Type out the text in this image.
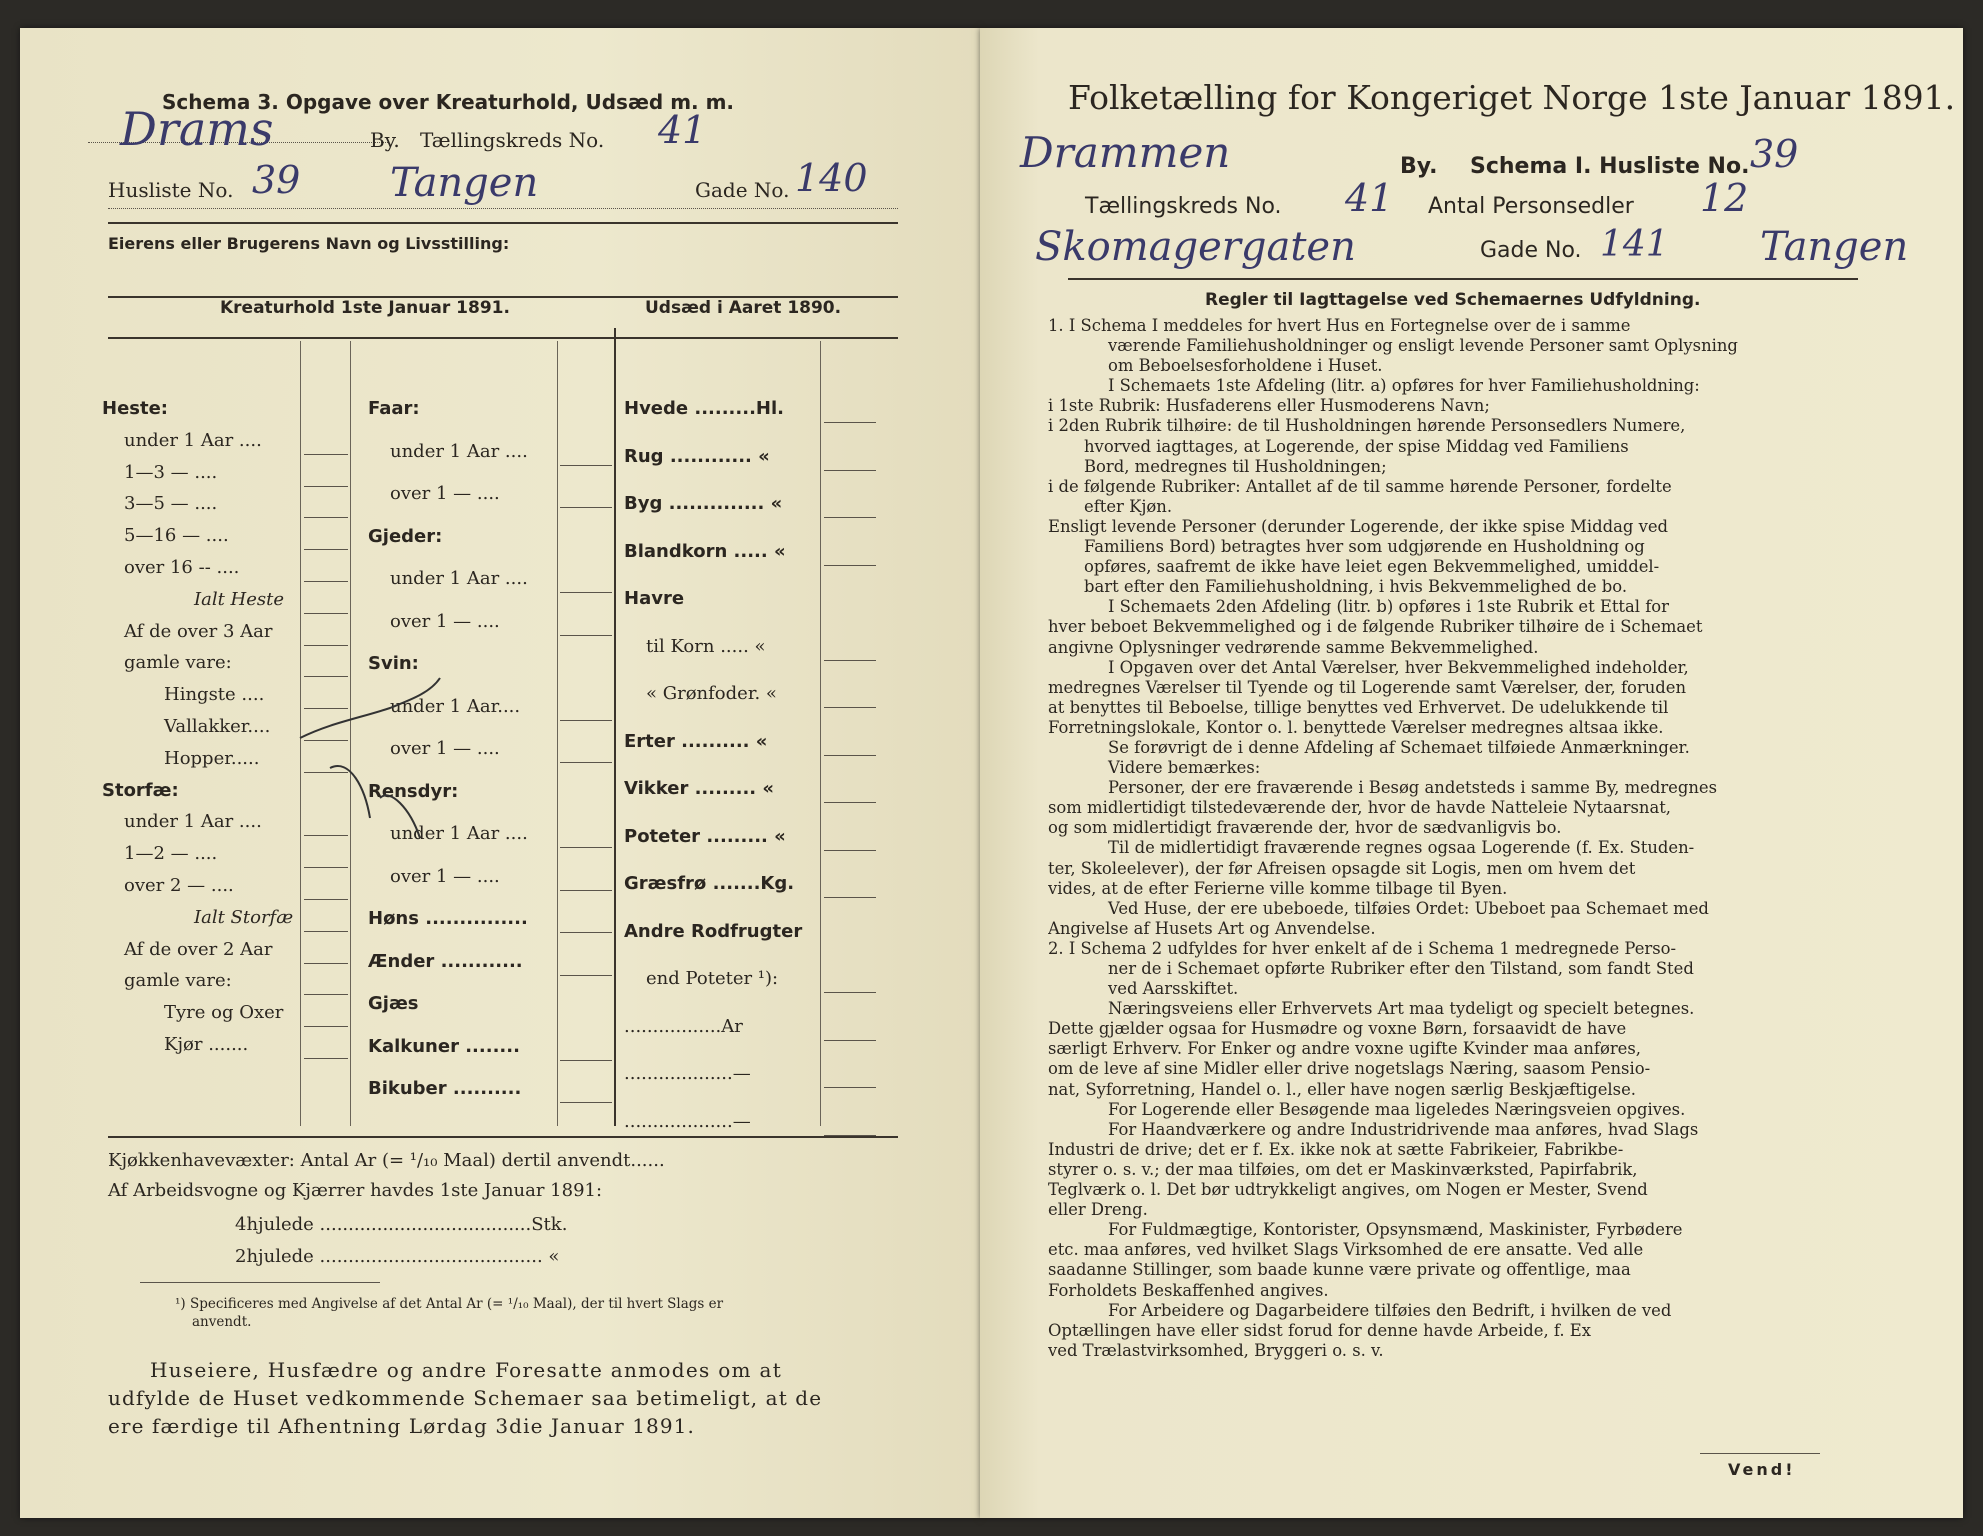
Schema 3. Opgave over Kreaturhold, Udsæd m. m.
Drams	By. Tællingskreds No. 41
Husliste No. 39 Tangen	Gade No. 140
Eierens eller Brugerens Navn og Livsstilling:
Kreaturhold 1ste Januar 1891.	Udsæd i Aaret 1890.
Heste:
under 1 Aar ....
1—3 — ....
3—5 — ....
5—16 — ....
over 16 -- ....
Ialt Heste
Af de over 3 Aar
gamle vare:
Hingste ....
Vallakker....
Hopper.....
Storfæ:
under 1 Aar ....
1—2 — ....
over 2 — ....
Ialt Storfæ
Af de over 2 Aar
gamle vare:
Tyre og Oxer
Kjør .......
Faar:
under 1 Aar ....
over 1 — ....
Gjeder:
under 1 Aar ....
over 1 — ....
Svin:
under 1 Aar....
over 1 — ....
Rensdyr:
under 1 Aar ....
over 1 — ....
Høns ...............
Ænder ............
Gjæs
Kalkuner ........
Bikuber ..........
Hvede .........Hl.
Rug ............ «
Byg .............. «
Blandkorn ..... «
Havre
til Korn ..... «
« Grønfoder. «
Erter .......... «
Vikker ......... «
Poteter ......... «
Græsfrø .......Kg.
Andre Rodfrugter
end Poteter ¹):
.................Ar
...................—
...................—
Kjøkkenhavevæxter: Antal Ar (= ¹/₁₀ Maal) dertil anvendt......
Af Arbeidsvogne og Kjærrer havdes 1ste Januar 1891:
4hjulede .....................................Stk.
2hjulede ....................................... «
¹) Specificeres med Angivelse af det Antal Ar (= ¹/₁₀ Maal), der til hvert Slags er
anvendt.
Huseiere, Husfædre og andre Foresatte anmodes om at
udfylde de Huset vedkommende Schemaer saa betimeligt, at de
ere færdige til Afhentning Lørdag 3die Januar 1891.
Folketælling for Kongeriget Norge 1ste Januar 1891.
Drammen	By. Schema I. Husliste No. 39
Tællingskreds No. 41 Antal Personsedler 12
Skomagergaten	Gade No. 141 Tangen
Regler til Iagttagelse ved Schemaernes Udfyldning.

1. I Schema I meddeles for hvert Hus en Fortegnelse over de i samme

værende Familiehusholdninger og ensligt levende Personer samt Oplysning

om Beboelsesforholdene i Huset.

I Schemaets 1ste Afdeling (litr. a) opføres for hver Familiehusholdning:

i 1ste Rubrik: Husfaderens eller Husmoderens Navn;

i 2den Rubrik tilhøire: de til Husholdningen hørende Personsedlers Numere,

hvorved iagttages, at Logerende, der spise Middag ved Familiens

Bord, medregnes til Husholdningen;

i de følgende Rubriker: Antallet af de til samme hørende Personer, fordelte

efter Kjøn.

Ensligt levende Personer (derunder Logerende, der ikke spise Middag ved

Familiens Bord) betragtes hver som udgjørende en Husholdning og

opføres, saafremt de ikke have leiet egen Bekvemmelighed, umiddel-

bart efter den Familiehusholdning, i hvis Bekvemmelighed de bo.

I Schemaets 2den Afdeling (litr. b) opføres i 1ste Rubrik et Ettal for

hver beboet Bekvemmelighed og i de følgende Rubriker tilhøire de i Schemaet

angivne Oplysninger vedrørende samme Bekvemmelighed.

I Opgaven over det Antal Værelser, hver Bekvemmelighed indeholder,

medregnes Værelser til Tyende og til Logerende samt Værelser, der, foruden

at benyttes til Beboelse, tillige benyttes ved Erhvervet. De udelukkende til

Forretningslokale, Kontor o. l. benyttede Værelser medregnes altsaa ikke.

Se forøvrigt de i denne Afdeling af Schemaet tilføiede Anmærkninger.

Videre bemærkes:

Personer, der ere fraværende i Besøg andetsteds i samme By, medregnes

som midlertidigt tilstedeværende der, hvor de havde Natteleie Nytaarsnat,

og som midlertidigt fraværende der, hvor de sædvanligvis bo.

Til de midlertidigt fraværende regnes ogsaa Logerende (f. Ex. Studen-

ter, Skoleelever), der før Afreisen opsagde sit Logis, men om hvem det

vides, at de efter Ferierne ville komme tilbage til Byen.

Ved Huse, der ere ubeboede, tilføies Ordet: Ubeboet paa Schemaet med

Angivelse af Husets Art og Anvendelse.

2. I Schema 2 udfyldes for hver enkelt af de i Schema 1 medregnede Perso-

ner de i Schemaet opførte Rubriker efter den Tilstand, som fandt Sted

ved Aarsskiftet.

Næringsveiens eller Erhvervets Art maa tydeligt og specielt betegnes.

Dette gjælder ogsaa for Husmødre og voxne Børn, forsaavidt de have

særligt Erhverv. For Enker og andre voxne ugifte Kvinder maa anføres,

om de leve af sine Midler eller drive nogetslags Næring, saasom Pensio-

nat, Syforretning, Handel o. l., eller have nogen særlig Beskjæftigelse.

For Logerende eller Besøgende maa ligeledes Næringsveien opgives.

For Haandværkere og andre Industridrivende maa anføres, hvad Slags

Industri de drive; det er f. Ex. ikke nok at sætte Fabrikeier, Fabrikbe-

styrer o. s. v.; der maa tilføies, om det er Maskinværksted, Papirfabrik,

Teglværk o. l. Det bør udtrykkeligt angives, om Nogen er Mester, Svend

eller Dreng.

For Fuldmægtige, Kontorister, Opsynsmænd, Maskinister, Fyrbødere

etc. maa anføres, ved hvilket Slags Virksomhed de ere ansatte. Ved alle

saadanne Stillinger, som baade kunne være private og offentlige, maa

Forholdets Beskaffenhed angives.

For Arbeidere og Dagarbeidere tilføies den Bedrift, i hvilken de ved

Optællingen have eller sidst forud for denne havde Arbeide, f. Ex

ved Trælastvirksomhed, Bryggeri o. s. v.

Vend!
